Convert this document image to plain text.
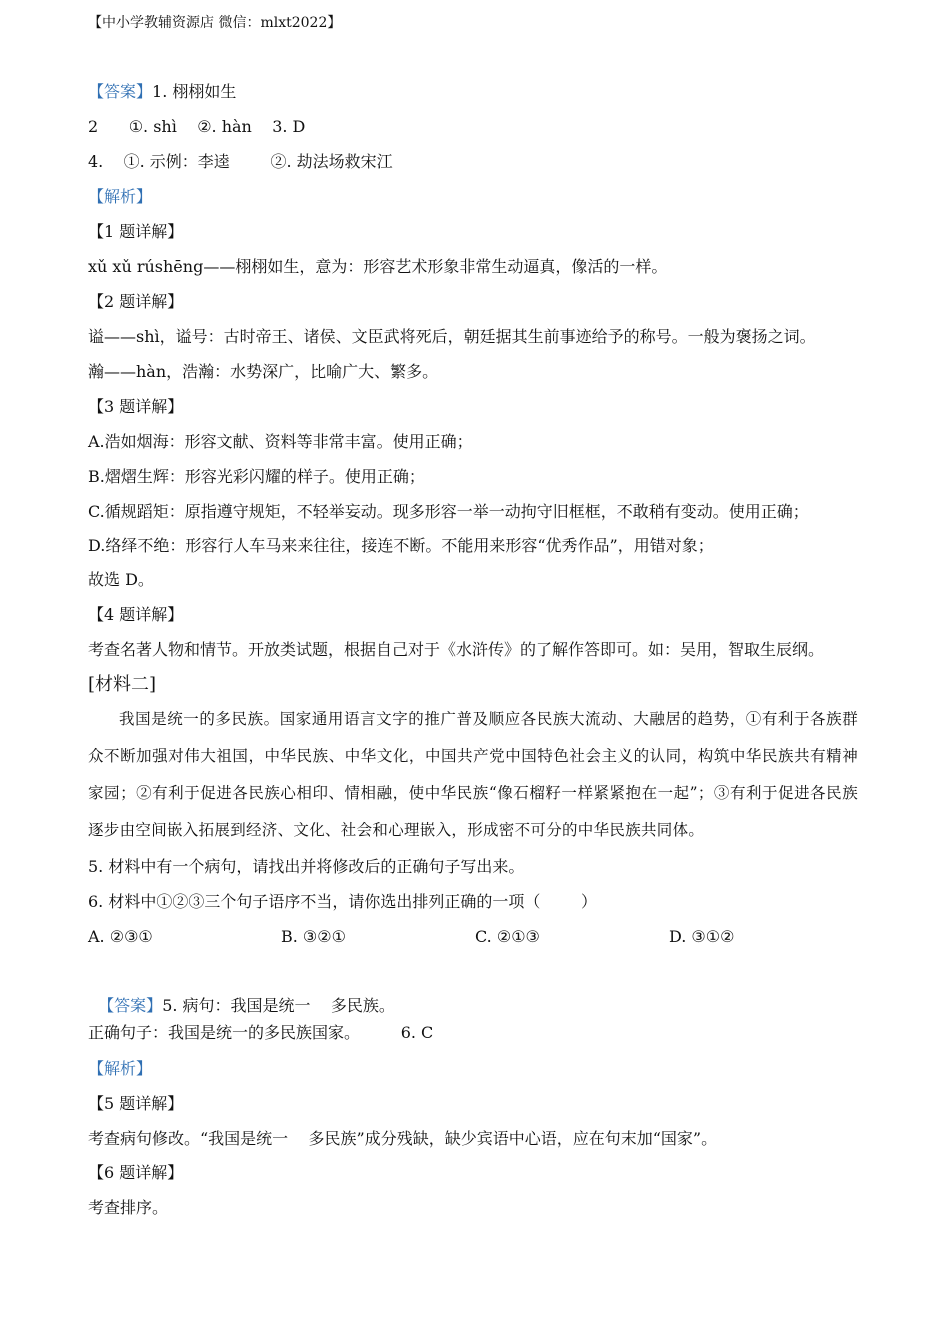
【中小学教辅资源店 微信：mlxt2022】
【答案】1. 栩栩如生
2      ①. shì    ②. hàn    3. D
4.    ①. 示例：李逵        ②. 劫法场救宋江
【解析】
【1 题详解】
xǔ xǔ rúshēng——栩栩如生，意为：形容艺术形象非常生动逼真，像活的一样。
【2 题详解】
谥——shì，谥号：古时帝王、诸侯、文臣武将死后，朝廷据其生前事迹给予的称号。一般为褒扬之词。
瀚——hàn，浩瀚：水势深广，比喻广大、繁多。
【3 题详解】
A.浩如烟海：形容文献、资料等非常丰富。使用正确；
B.熠熠生辉：形容光彩闪耀的样子。使用正确；
C.循规蹈矩：原指遵守规矩，不轻举妄动。现多形容一举一动拘守旧框框，不敢稍有变动。使用正确；
D.络绎不绝：形容行人车马来来往往，接连不断。不能用来形容“优秀作品”，用错对象；
故选 D。
【4 题详解】
考查名著人物和情节。开放类试题，根据自己对于《水浒传》的了解作答即可。如：吴用，智取生辰纲。
[材料二]
我国是统一的多民族。国家通用语言文字的推广普及顺应各民族大流动、大融居的趋势，①有利于各族群众不断加强对伟大祖国，中华民族、中华文化，中国共产党中国特色社会主义的认同，构筑中华民族共有精神家园；②有利于促进各民族心相印、情相融，使中华民族“像石榴籽一样紧紧抱在一起”；③有利于促进各民族逐步由空间嵌入拓展到经济、文化、社会和心理嵌入，形成密不可分的中华民族共同体。
5. 材料中有一个病句，请找出并将修改后的正确句子写出来。
6. 材料中①②③三个句子语序不当，请你选出排列正确的一项（        ）
A. ②③①	B. ③②①	C. ②①③	D. ③①②

【答案】5. 病句：我国是统一    多民族。

正确句子：我国是统一的多民族国家。        6. C
【解析】
【5 题详解】
考查病句修改。“我国是统一    多民族”成分残缺，缺少宾语中心语，应在句末加“国家”。
【6 题详解】
考查排序。
